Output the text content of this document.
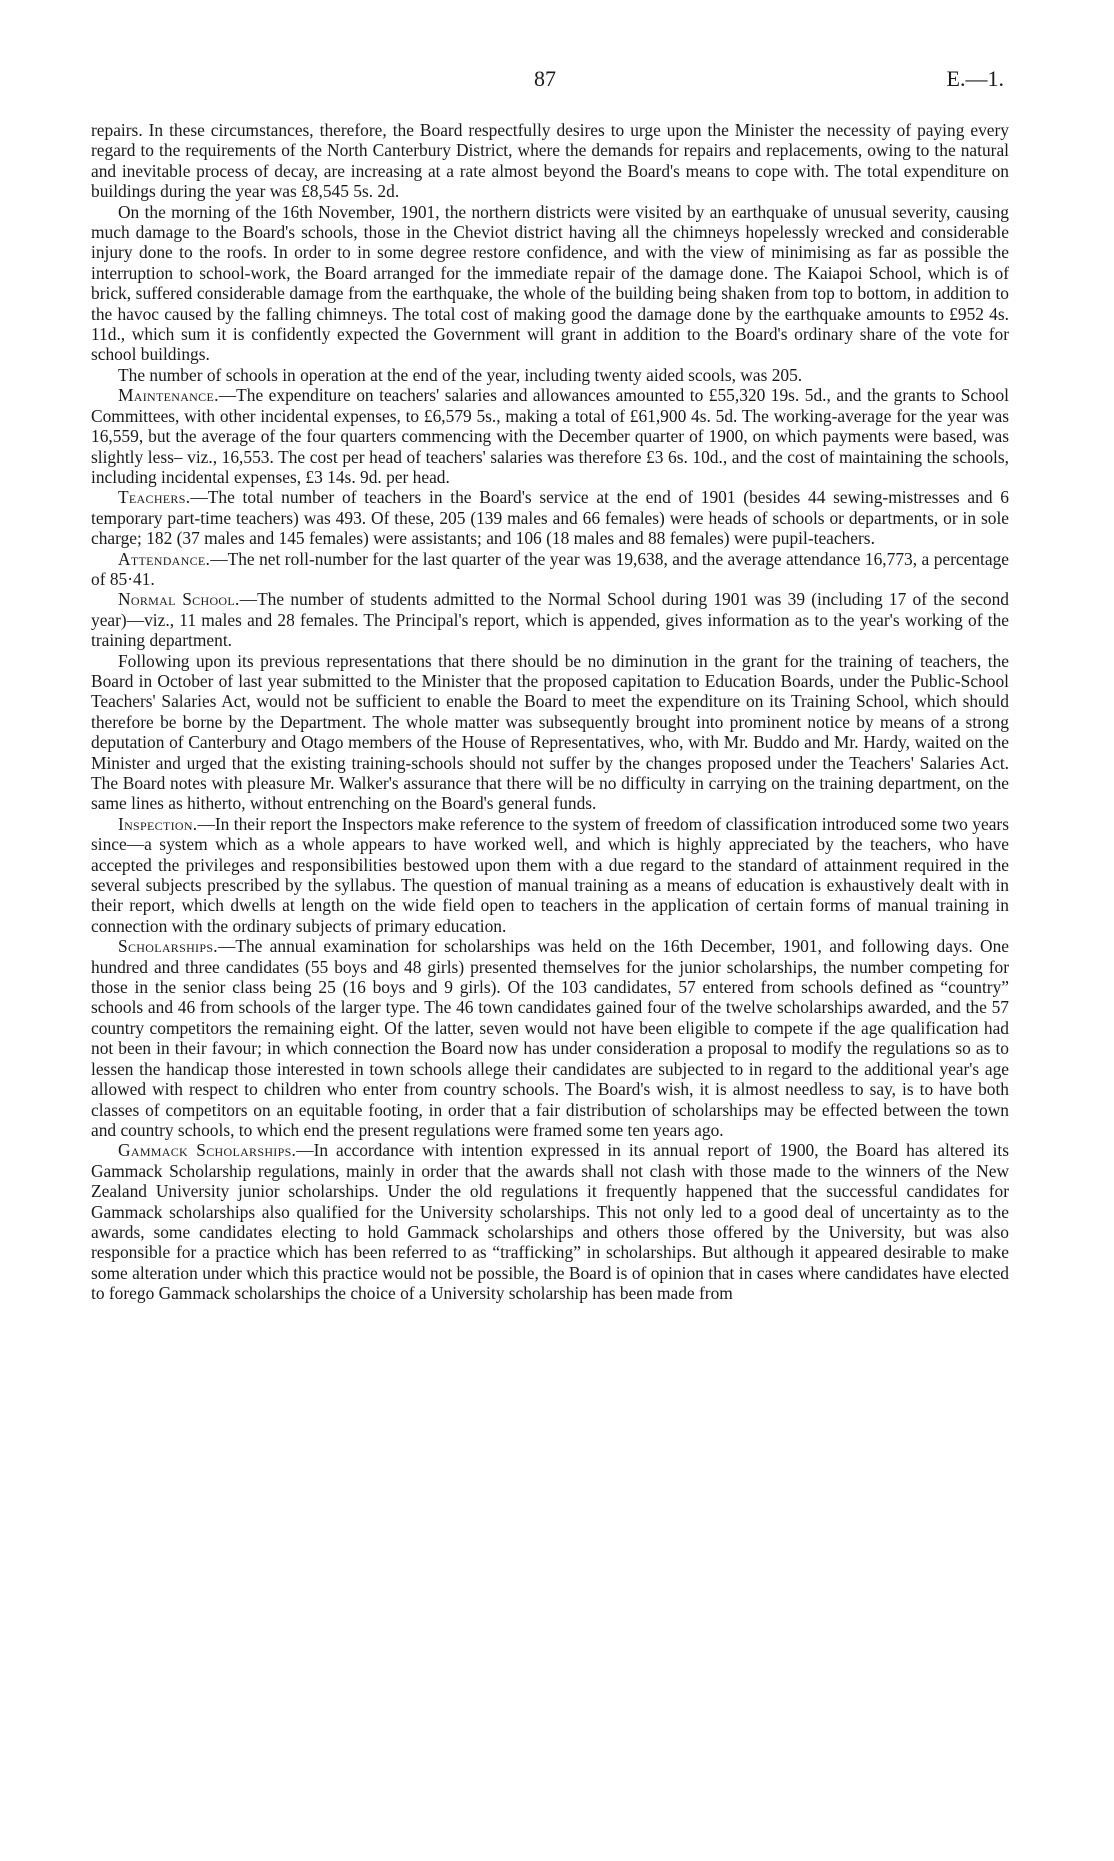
87	E.—1.

repairs. In these circumstances, therefore, the Board respectfully desires to urge upon the Minister the necessity of paying every regard to the requirements of the North Canterbury District, where the demands for repairs and replacements, owing to the natural and inevitable process of decay, are increasing at a rate almost beyond the Board's means to cope with. The total expenditure on buildings during the year was £8,545 5s. 2d.

On the morning of the 16th November, 1901, the northern districts were visited by an earthquake of unusual severity, causing much damage to the Board's schools, those in the Cheviot district having all the chimneys hopelessly wrecked and considerable injury done to the roofs. In order to in some degree restore confidence, and with the view of minimising as far as possible the interruption to school-work, the Board arranged for the immediate repair of the damage done. The Kaiapoi School, which is of brick, suffered considerable damage from the earthquake, the whole of the building being shaken from top to bottom, in addition to the havoc caused by the falling chimneys. The total cost of making good the damage done by the earthquake amounts to £952 4s. 11d., which sum it is confidently expected the Government will grant in addition to the Board's ordinary share of the vote for school buildings.

The number of schools in operation at the end of the year, including twenty aided scools, was 205.

Maintenance.—The expenditure on teachers' salaries and allowances amounted to £55,320 19s. 5d., and the grants to School Committees, with other incidental expenses, to £6,579 5s., making a total of £61,900 4s. 5d. The working-average for the year was 16,559, but the average of the four quarters commencing with the December quarter of 1900, on which payments were based, was slightly less– viz., 16,553. The cost per head of teachers' salaries was therefore £3 6s. 10d., and the cost of maintaining the schools, including incidental expenses, £3 14s. 9d. per head.

Teachers.—The total number of teachers in the Board's service at the end of 1901 (besides 44 sewing-mistresses and 6 temporary part-time teachers) was 493. Of these, 205 (139 males and 66 females) were heads of schools or departments, or in sole charge; 182 (37 males and 145 females) were assistants; and 106 (18 males and 88 females) were pupil-teachers.

Attendance.—The net roll-number for the last quarter of the year was 19,638, and the average attendance 16,773, a percentage of 85·41.

Normal School.—The number of students admitted to the Normal School during 1901 was 39 (including 17 of the second year)—viz., 11 males and 28 females. The Principal's report, which is appended, gives information as to the year's working of the training department.

Following upon its previous representations that there should be no diminution in the grant for the training of teachers, the Board in October of last year submitted to the Minister that the proposed capitation to Education Boards, under the Public-School Teachers' Salaries Act, would not be sufficient to enable the Board to meet the expenditure on its Training School, which should therefore be borne by the Department. The whole matter was subsequently brought into prominent notice by means of a strong deputation of Canterbury and Otago members of the House of Representatives, who, with Mr. Buddo and Mr. Hardy, waited on the Minister and urged that the existing training-schools should not suffer by the changes proposed under the Teachers' Salaries Act. The Board notes with pleasure Mr. Walker's assurance that there will be no difficulty in carrying on the training department, on the same lines as hitherto, without entrenching on the Board's general funds.

Inspection.—In their report the Inspectors make reference to the system of freedom of classification introduced some two years since—a system which as a whole appears to have worked well, and which is highly appreciated by the teachers, who have accepted the privileges and responsibilities bestowed upon them with a due regard to the standard of attainment required in the several subjects prescribed by the syllabus. The question of manual training as a means of education is exhaustively dealt with in their report, which dwells at length on the wide field open to teachers in the application of certain forms of manual training in connection with the ordinary subjects of primary education.

Scholarships.—The annual examination for scholarships was held on the 16th December, 1901, and following days. One hundred and three candidates (55 boys and 48 girls) presented themselves for the junior scholarships, the number competing for those in the senior class being 25 (16 boys and 9 girls). Of the 103 candidates, 57 entered from schools defined as “country” schools and 46 from schools of the larger type. The 46 town candidates gained four of the twelve scholarships awarded, and the 57 country competitors the remaining eight. Of the latter, seven would not have been eligible to compete if the age qualification had not been in their favour; in which connection the Board now has under consideration a proposal to modify the regulations so as to lessen the handicap those interested in town schools allege their candidates are subjected to in regard to the additional year's age allowed with respect to children who enter from country schools. The Board's wish, it is almost needless to say, is to have both classes of competitors on an equitable footing, in order that a fair distribution of scholarships may be effected between the town and country schools, to which end the present regulations were framed some ten years ago.

Gammack Scholarships.—In accordance with intention expressed in its annual report of 1900, the Board has altered its Gammack Scholarship regulations, mainly in order that the awards shall not clash with those made to the winners of the New Zealand University junior scholarships. Under the old regulations it frequently happened that the successful candidates for Gammack scholarships also qualified for the University scholarships. This not only led to a good deal of uncertainty as to the awards, some candidates electing to hold Gammack scholarships and others those offered by the University, but was also responsible for a practice which has been referred to as “trafficking” in scholarships. But although it appeared desirable to make some alteration under which this practice would not be possible, the Board is of opinion that in cases where candidates have elected to forego Gammack scholarships the choice of a University scholarship has been made from
